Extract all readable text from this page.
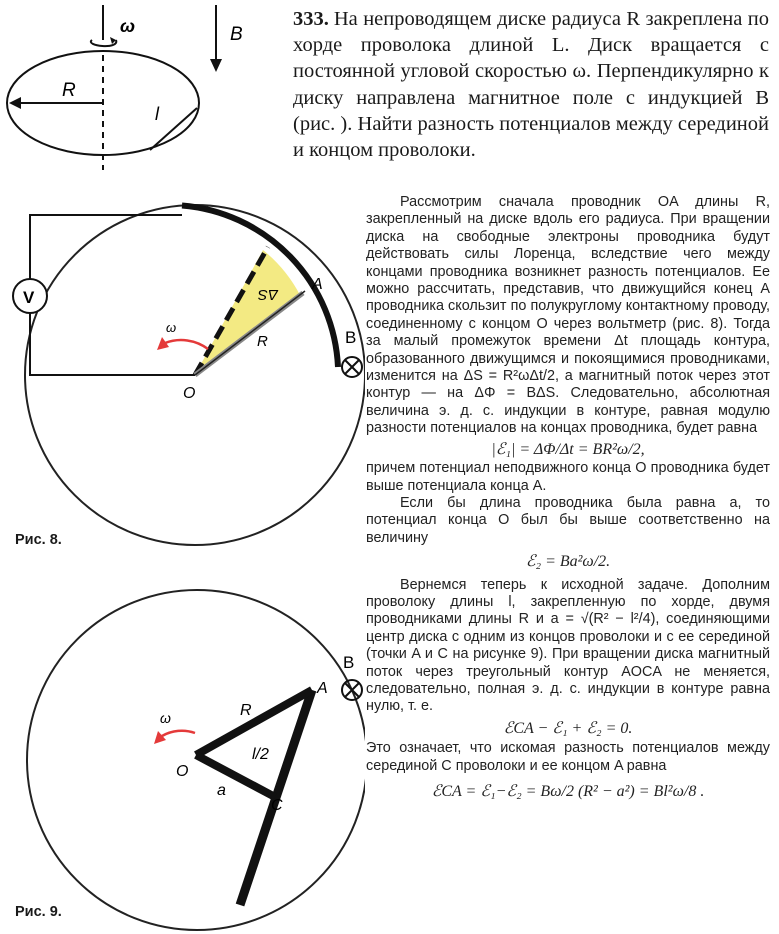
ω
R
l
B
333. На непроводящем диске радиуса R закреплена по хорде проволока длиной L. Диск вращается с постоянной угловой скоростью ω. Перпендикулярно к диску направлена магнитное поле с индукцией B (рис. ). Найти разность потенциалов между серединой и концом проволоки.
V	ΔS
A
R
O
ω
B
Рис. 8.
B
A
R
ω
l/2
O
a
C
Рис. 9.

Рассмотрим сначала проводник OA длины R, закрепленный на диске вдоль его радиуса. При вращении диска на свободные электроны проводника будут действовать силы Лоренца, вследствие чего между концами проводника возникнет разность потенциалов. Ее можно рассчитать, представив, что движущийся конец A проводника скользит по полукруглому контактному проводу, соединенному с концом O через вольтметр (рис. 8). Тогда за малый промежуток времени Δt площадь контура, образованного движущимся и покоящимися проводниками, изменится на ΔS = R²ωΔt/2, а магнитный поток через этот контур — на ΔΦ = BΔS. Следовательно, абсолютная величина э. д. с. индукции в контуре, равная модулю разности потенциалов на концах проводника, будет равна

|ℰ₁| = ΔΦ/Δt = BR²ω/2,

причем потенциал неподвижного конца O проводника будет выше потенциала конца A.

Если бы длина проводника была равна a, то потенциал конца O был бы выше соответственно на величину

ℰ₂ = Ba²ω/2.

Вернемся теперь к исходной задаче. Дополним проволоку длины l, закрепленную по хорде, двумя проводниками длины R и a = √(R² − l²/4), соединяющими центр диска с одним из концов проволоки и с ее серединой (точки A и C на рисунке 9). При вращении диска магнитный поток через треугольный контур AOCA не меняется, следовательно, полная э. д. с. индукции в контуре равна нулю, т. е.

ℰCA − ℰ₁ + ℰ₂ = 0.

Это означает, что искомая разность потенциалов между серединой C проволоки и ее концом A равна

ℰCA = ℰ₁−ℰ₂ = Bω/2 (R² − a²) = Bl²ω/8 .
